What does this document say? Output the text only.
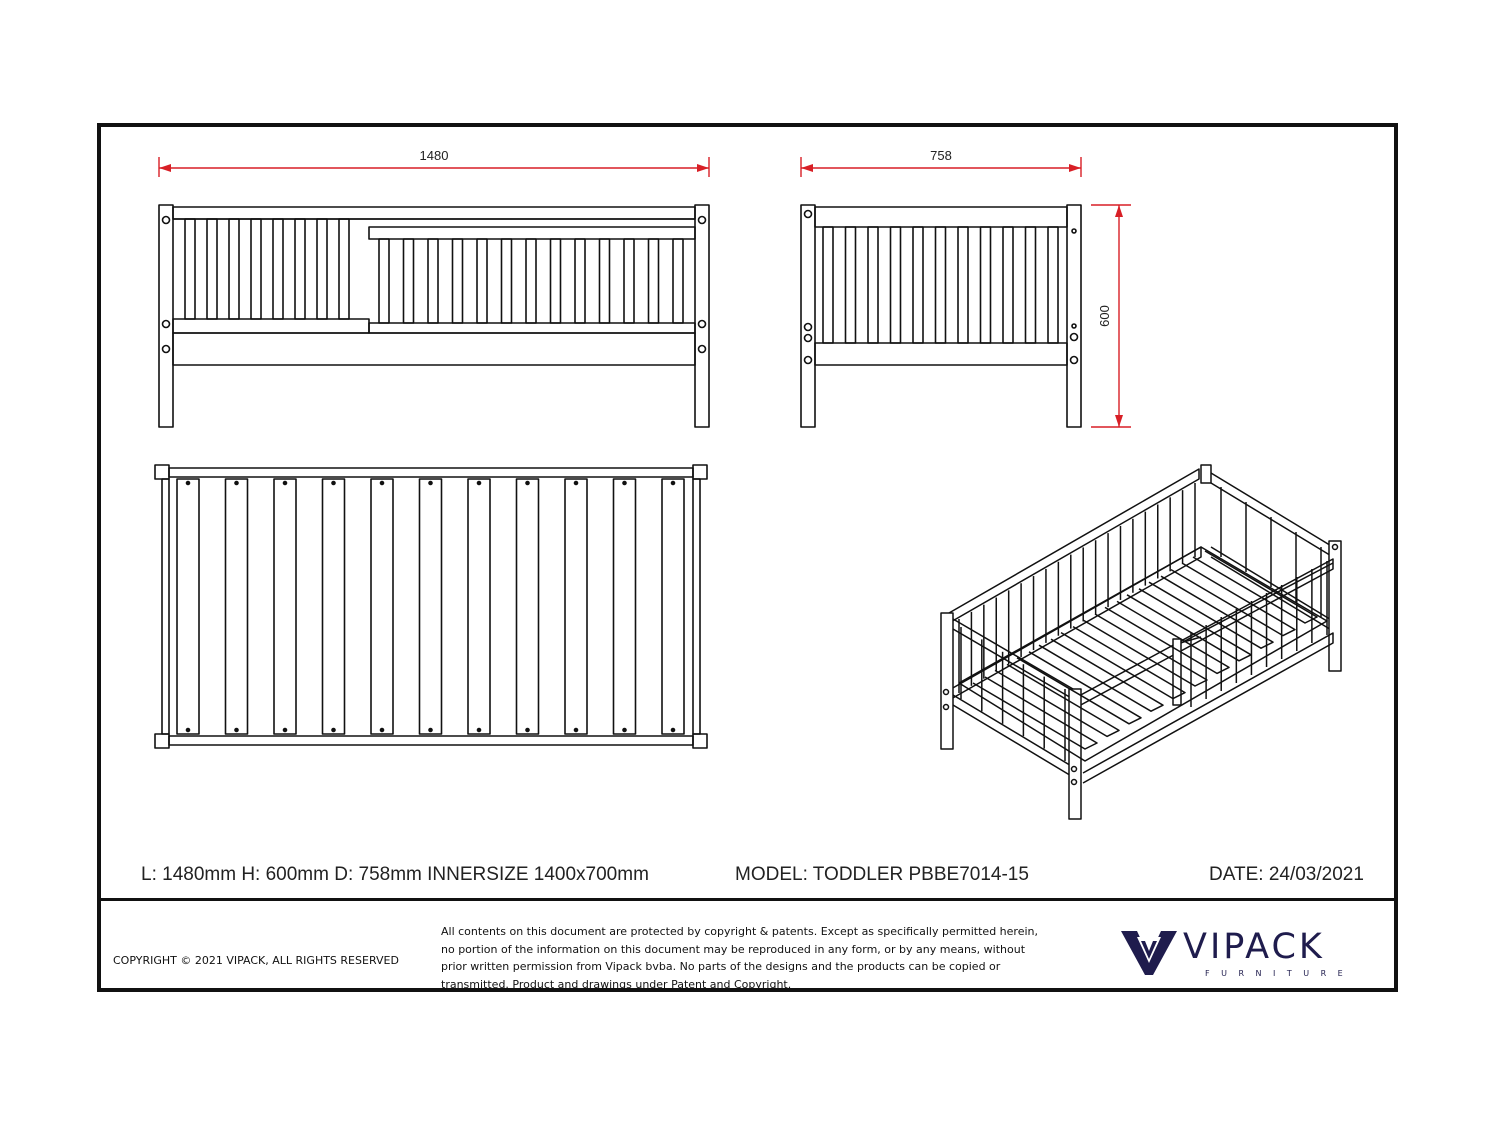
1480	758
600
L: 1480mm H: 600mm D: 758mm INNERSIZE 1400x700mm	MODEL: TODDLER PBBE7014-15	DATE: 24/03/2021
COPYRIGHT © 2021 VIPACK, ALL RIGHTS RESERVED
All contents on this document are protected by copyright & patents. Except as specifically permitted herein,
no portion of the information on this document may be reproduced in any form, or by any means, without
prior written permission from Vipack bvba. No parts of the designs and the products can be copied or
transmitted. Product and drawings under Patent and Copyright.
VIPACK
FURNITURE
